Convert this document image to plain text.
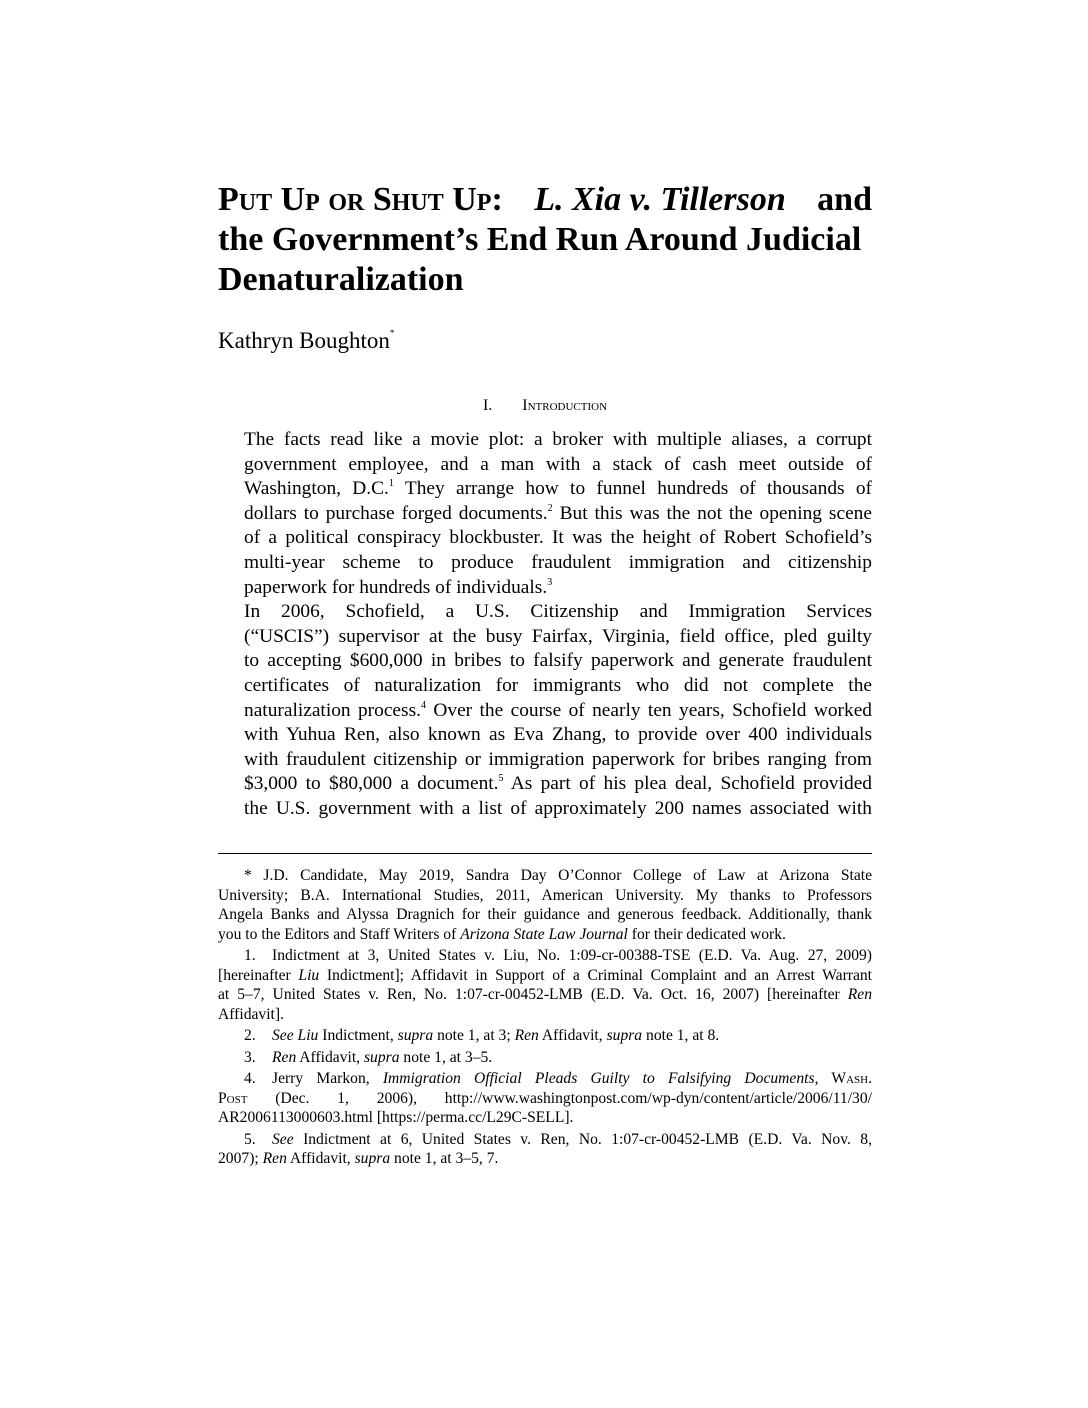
Put Up or Shut Up: L. Xia v. Tillerson and
the Government’s End Run Around Judicial
Denaturalization
Kathryn Boughton*
I. Introduction
The facts read like a movie plot: a broker with multiple aliases, a corrupt
government employee, and a man with a stack of cash meet outside of
Washington, D.C.$^1$ They arrange how to funnel hundreds of thousands of
dollars to purchase forged documents.$^2$ But this was the not the opening scene
of a political conspiracy blockbuster. It was the height of Robert Schofield’s
multi-year scheme to produce fraudulent immigration and citizenship
paperwork for hundreds of individuals.$^3$
In 2006, Schofield, a U.S. Citizenship and Immigration Services
(“USCIS”) supervisor at the busy Fairfax, Virginia, field office, pled guilty
to accepting $600,000 in bribes to falsify paperwork and generate fraudulent
certificates of naturalization for immigrants who did not complete the
naturalization process.$^4$ Over the course of nearly ten years, Schofield worked
with Yuhua Ren, also known as Eva Zhang, to provide over 400 individuals
with fraudulent citizenship or immigration paperwork for bribes ranging from
$3,000 to $80,000 a document.$^5$ As part of his plea deal, Schofield provided
the U.S. government with a list of approximately 200 names associated with
* J.D. Candidate, May 2019, Sandra Day O’Connor College of Law at Arizona State
University; B.A. International Studies, 2011, American University. My thanks to Professors
Angela Banks and Alyssa Dragnich for their guidance and generous feedback. Additionally, thank
you to the Editors and Staff Writers of Arizona State Law Journal for their dedicated work.
1. Indictment at 3, United States v. Liu, No. 1:09-cr-00388-TSE (E.D. Va. Aug. 27, 2009)
[hereinafter Liu Indictment]; Affidavit in Support of a Criminal Complaint and an Arrest Warrant
at 5–7, United States v. Ren, No. 1:07-cr-00452-LMB (E.D. Va. Oct. 16, 2007) [hereinafter Ren
Affidavit].
2. See Liu Indictment, supra note 1, at 3; Ren Affidavit, supra note 1, at 8.
3. Ren Affidavit, supra note 1, at 3–5.
4. Jerry Markon, Immigration Official Pleads Guilty to Falsifying Documents, Wash.
Post (Dec. 1, 2006), http://www.washingtonpost.com/wp-dyn/content/article/2006/11/30/
AR2006113000603.html [https://perma.cc/L29C-SELL].
5. See Indictment at 6, United States v. Ren, No. 1:07-cr-00452-LMB (E.D. Va. Nov. 8,
2007); Ren Affidavit, supra note 1, at 3–5, 7.
